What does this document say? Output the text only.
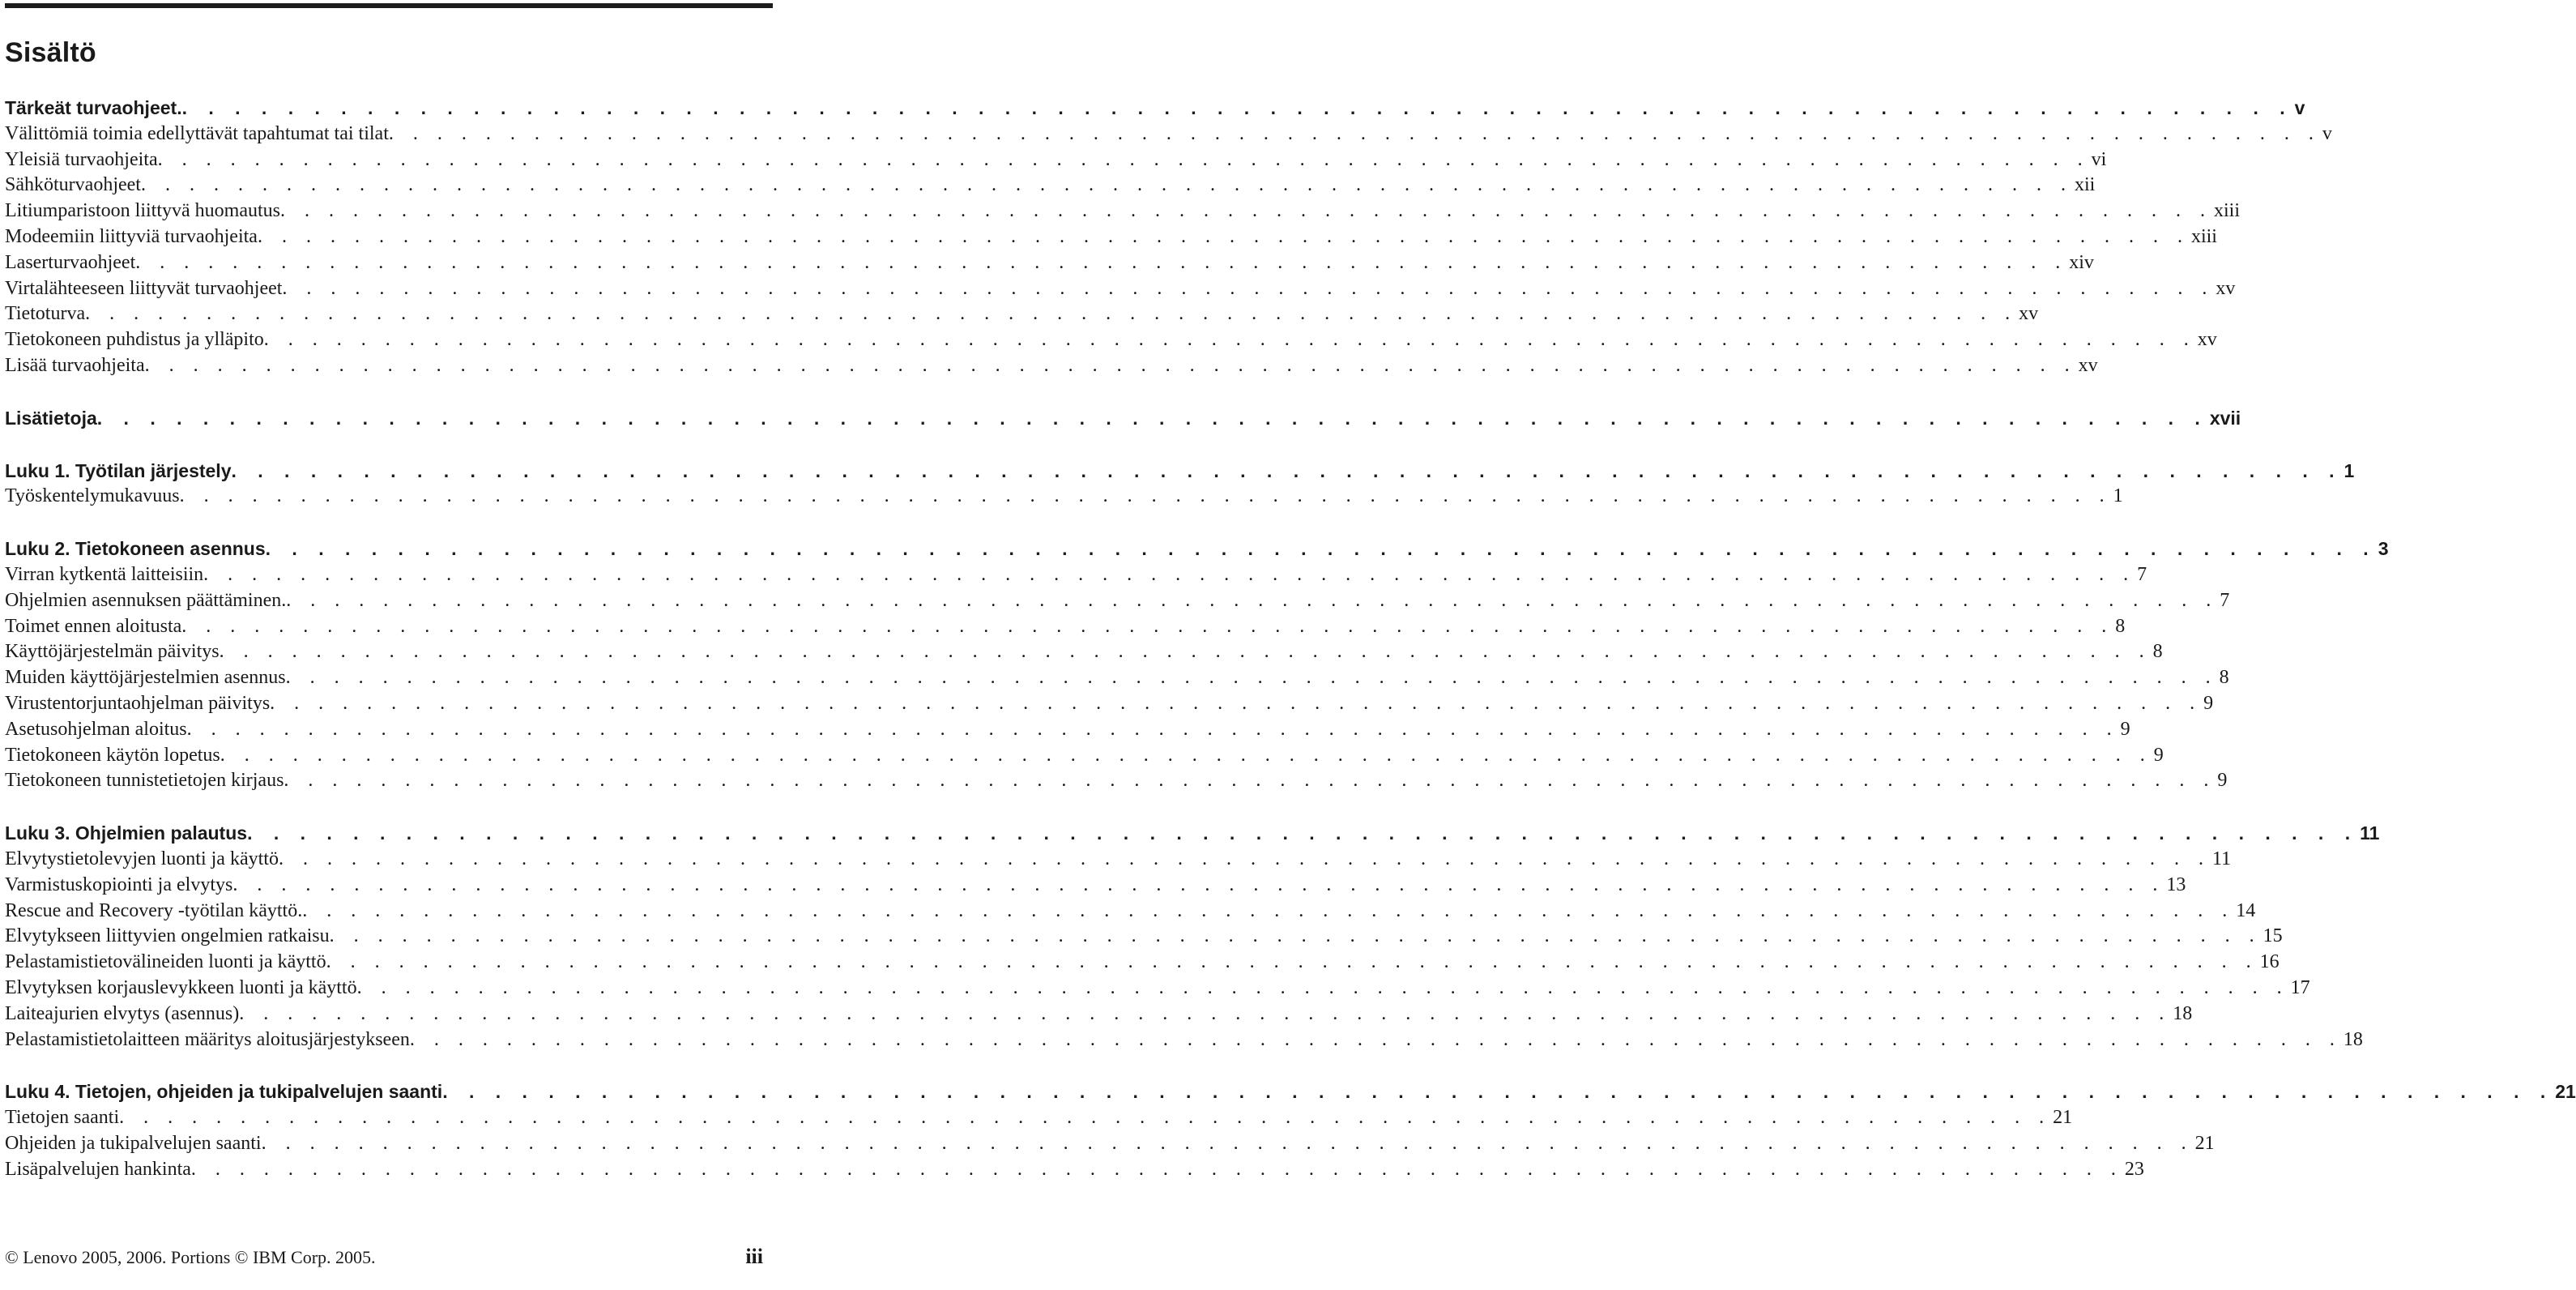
Sisältö
Tärkeät turvaohjeet. . . . . . . . . . . . . . . . . . . . . . . . . . . . . . . . . . . . . . . . . . . . . . . . . . . . . . . . . . . . . . . . . . . . . . . . . . . . . . . . . v
Välittömiä toimia edellyttävät tapahtumat tai tilat . . . . . . . . . . . . . . . . . . . . . . . . . . . . . . . . . . . . . . . . . . . . . . . . . . . . . . . . . . . . . . . . . . . . . . . . . . . . . . . . v
Yleisiä turvaohjeita . . . . . . . . . . . . . . . . . . . . . . . . . . . . . . . . . . . . . . . . . . . . . . . . . . . . . . . . . . . . . . . . . . . . . . . . . . . . . . . . vi
Sähköturvaohjeet . . . . . . . . . . . . . . . . . . . . . . . . . . . . . . . . . . . . . . . . . . . . . . . . . . . . . . . . . . . . . . . . . . . . . . . . . . . . . . . . xii
Litiumparistoon liittyvä huomautus . . . . . . . . . . . . . . . . . . . . . . . . . . . . . . . . . . . . . . . . . . . . . . . . . . . . . . . . . . . . . . . . . . . . . . . . . . . . . . . . xiii
Modeemiin liittyviä turvaohjeita . . . . . . . . . . . . . . . . . . . . . . . . . . . . . . . . . . . . . . . . . . . . . . . . . . . . . . . . . . . . . . . . . . . . . . . . . . . . . . . . xiii
Laserturvaohjeet . . . . . . . . . . . . . . . . . . . . . . . . . . . . . . . . . . . . . . . . . . . . . . . . . . . . . . . . . . . . . . . . . . . . . . . . . . . . . . . . xiv
Virtalähteeseen liittyvät turvaohjeet . . . . . . . . . . . . . . . . . . . . . . . . . . . . . . . . . . . . . . . . . . . . . . . . . . . . . . . . . . . . . . . . . . . . . . . . . . . . . . . . xv
Tietoturva . . . . . . . . . . . . . . . . . . . . . . . . . . . . . . . . . . . . . . . . . . . . . . . . . . . . . . . . . . . . . . . . . . . . . . . . . . . . . . . . xv
Tietokoneen puhdistus ja ylläpito . . . . . . . . . . . . . . . . . . . . . . . . . . . . . . . . . . . . . . . . . . . . . . . . . . . . . . . . . . . . . . . . . . . . . . . . . . . . . . . . xv
Lisää turvaohjeita . . . . . . . . . . . . . . . . . . . . . . . . . . . . . . . . . . . . . . . . . . . . . . . . . . . . . . . . . . . . . . . . . . . . . . . . . . . . . . . . xv
Lisätietoja . . . . . . . . . . . . . . . . . . . . . . . . . . . . . . . . . . . . . . . . . . . . . . . . . . . . . . . . . . . . . . . . . . . . . . . . . . . . . . . . xvii
Luku 1. Työtilan järjestely . . . . . . . . . . . . . . . . . . . . . . . . . . . . . . . . . . . . . . . . . . . . . . . . . . . . . . . . . . . . . . . . . . . . . . . . . . . . . . . . 1
Työskentelymukavuus . . . . . . . . . . . . . . . . . . . . . . . . . . . . . . . . . . . . . . . . . . . . . . . . . . . . . . . . . . . . . . . . . . . . . . . . . . . . . . . . 1
Luku 2. Tietokoneen asennus . . . . . . . . . . . . . . . . . . . . . . . . . . . . . . . . . . . . . . . . . . . . . . . . . . . . . . . . . . . . . . . . . . . . . . . . . . . . . . . . 3
Virran kytkentä laitteisiin . . . . . . . . . . . . . . . . . . . . . . . . . . . . . . . . . . . . . . . . . . . . . . . . . . . . . . . . . . . . . . . . . . . . . . . . . . . . . . . . 7
Ohjelmien asennuksen päättäminen. . . . . . . . . . . . . . . . . . . . . . . . . . . . . . . . . . . . . . . . . . . . . . . . . . . . . . . . . . . . . . . . . . . . . . . . . . . . . . . . . 7
Toimet ennen aloitusta . . . . . . . . . . . . . . . . . . . . . . . . . . . . . . . . . . . . . . . . . . . . . . . . . . . . . . . . . . . . . . . . . . . . . . . . . . . . . . . . 8
Käyttöjärjestelmän päivitys . . . . . . . . . . . . . . . . . . . . . . . . . . . . . . . . . . . . . . . . . . . . . . . . . . . . . . . . . . . . . . . . . . . . . . . . . . . . . . . . 8
Muiden käyttöjärjestelmien asennus . . . . . . . . . . . . . . . . . . . . . . . . . . . . . . . . . . . . . . . . . . . . . . . . . . . . . . . . . . . . . . . . . . . . . . . . . . . . . . . . 8
Virustentorjuntaohjelman päivitys . . . . . . . . . . . . . . . . . . . . . . . . . . . . . . . . . . . . . . . . . . . . . . . . . . . . . . . . . . . . . . . . . . . . . . . . . . . . . . . . 9
Asetusohjelman aloitus . . . . . . . . . . . . . . . . . . . . . . . . . . . . . . . . . . . . . . . . . . . . . . . . . . . . . . . . . . . . . . . . . . . . . . . . . . . . . . . . 9
Tietokoneen käytön lopetus . . . . . . . . . . . . . . . . . . . . . . . . . . . . . . . . . . . . . . . . . . . . . . . . . . . . . . . . . . . . . . . . . . . . . . . . . . . . . . . . 9
Tietokoneen tunnistetietojen kirjaus . . . . . . . . . . . . . . . . . . . . . . . . . . . . . . . . . . . . . . . . . . . . . . . . . . . . . . . . . . . . . . . . . . . . . . . . . . . . . . . . 9
Luku 3. Ohjelmien palautus . . . . . . . . . . . . . . . . . . . . . . . . . . . . . . . . . . . . . . . . . . . . . . . . . . . . . . . . . . . . . . . . . . . . . . . . . . . . . . . . 11
Elvytystietolevyjen luonti ja käyttö . . . . . . . . . . . . . . . . . . . . . . . . . . . . . . . . . . . . . . . . . . . . . . . . . . . . . . . . . . . . . . . . . . . . . . . . . . . . . . . . 11
Varmistuskopiointi ja elvytys . . . . . . . . . . . . . . . . . . . . . . . . . . . . . . . . . . . . . . . . . . . . . . . . . . . . . . . . . . . . . . . . . . . . . . . . . . . . . . . . 13
Rescue and Recovery -työtilan käyttö. . . . . . . . . . . . . . . . . . . . . . . . . . . . . . . . . . . . . . . . . . . . . . . . . . . . . . . . . . . . . . . . . . . . . . . . . . . . . . . . . 14
Elvytykseen liittyvien ongelmien ratkaisu . . . . . . . . . . . . . . . . . . . . . . . . . . . . . . . . . . . . . . . . . . . . . . . . . . . . . . . . . . . . . . . . . . . . . . . . . . . . . . . . 15
Pelastamistietovälineiden luonti ja käyttö . . . . . . . . . . . . . . . . . . . . . . . . . . . . . . . . . . . . . . . . . . . . . . . . . . . . . . . . . . . . . . . . . . . . . . . . . . . . . . . . 16
Elvytyksen korjauslevykkeen luonti ja käyttö . . . . . . . . . . . . . . . . . . . . . . . . . . . . . . . . . . . . . . . . . . . . . . . . . . . . . . . . . . . . . . . . . . . . . . . . . . . . . . . . 17
Laiteajurien elvytys (asennus) . . . . . . . . . . . . . . . . . . . . . . . . . . . . . . . . . . . . . . . . . . . . . . . . . . . . . . . . . . . . . . . . . . . . . . . . . . . . . . . . 18
Pelastamistietolaitteen määritys aloitusjärjestykseen . . . . . . . . . . . . . . . . . . . . . . . . . . . . . . . . . . . . . . . . . . . . . . . . . . . . . . . . . . . . . . . . . . . . . . . . . . . . . . . . 18
Luku 4. Tietojen, ohjeiden ja tukipalvelujen saanti . . . . . . . . . . . . . . . . . . . . . . . . . . . . . . . . . . . . . . . . . . . . . . . . . . . . . . . . . . . . . . . . . . . . . . . . . . . . . . . . 21
Tietojen saanti . . . . . . . . . . . . . . . . . . . . . . . . . . . . . . . . . . . . . . . . . . . . . . . . . . . . . . . . . . . . . . . . . . . . . . . . . . . . . . . . 21
Ohjeiden ja tukipalvelujen saanti . . . . . . . . . . . . . . . . . . . . . . . . . . . . . . . . . . . . . . . . . . . . . . . . . . . . . . . . . . . . . . . . . . . . . . . . . . . . . . . . 21
Lisäpalvelujen hankinta . . . . . . . . . . . . . . . . . . . . . . . . . . . . . . . . . . . . . . . . . . . . . . . . . . . . . . . . . . . . . . . . . . . . . . . . . . . . . . . . 23
© Lenovo 2005, 2006. Portions © IBM Corp. 2005.	iii
